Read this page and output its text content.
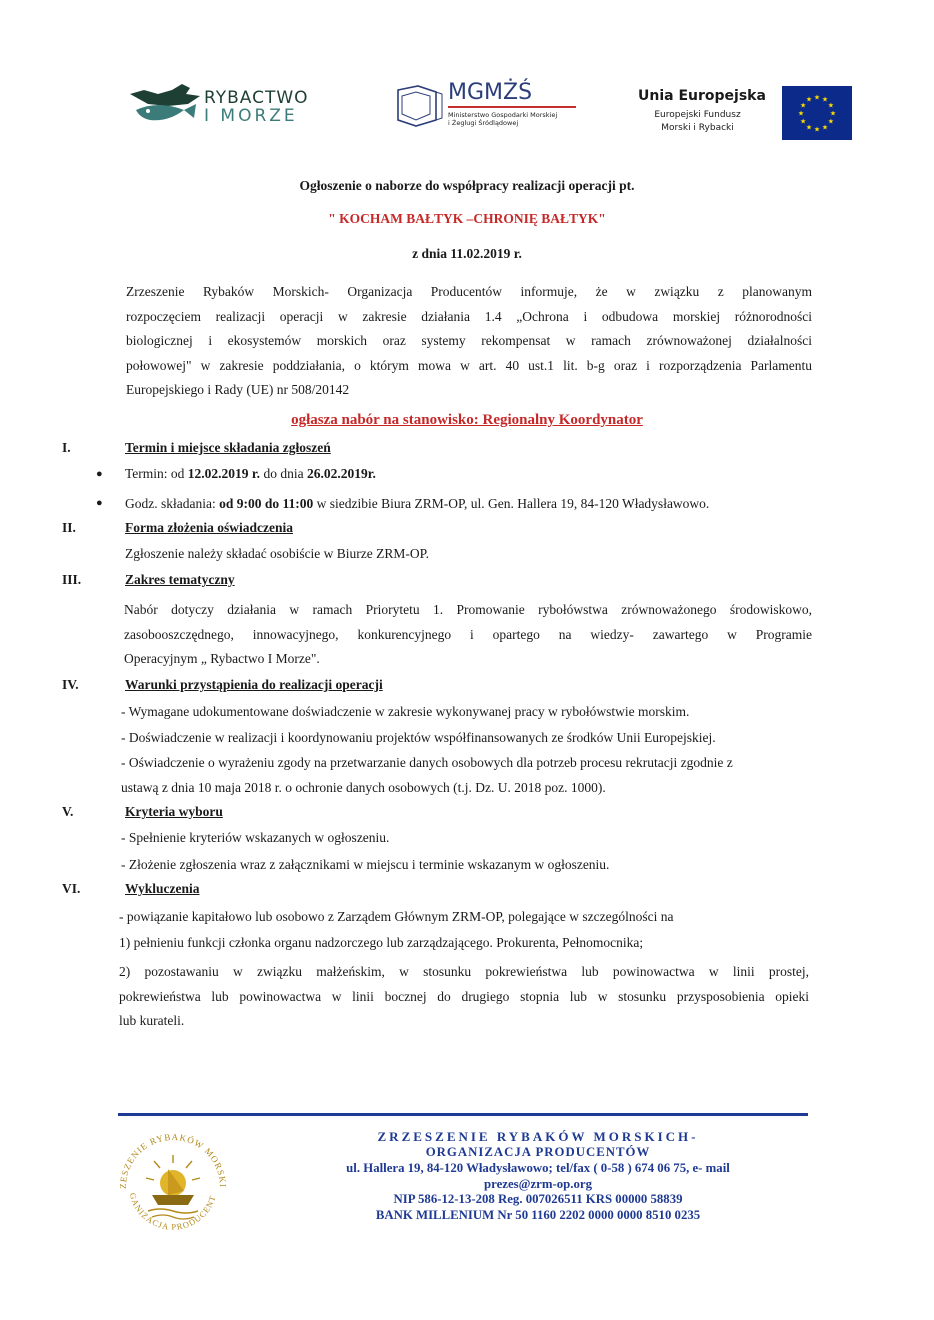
RYBACTWO
I MORZE
MGMŻŚ
Ministerstwo Gospodarki Morskiej
i Żeglugi Śródlądowej
Unia Europejska
Europejski Fundusz
Morski i Rybacki
★ ★
★
★
★
★
★
★
★
★
★
★
Ogłoszenie o naborze do współpracy realizacji operacji pt.
" KOCHAM BAŁTYK –CHRONIĘ BAŁTYK"
z dnia 11.02.2019 r.
Zrzeszenie Rybaków Morskich- Organizacja Producentów informuje, że w związku z planowanym
rozpoczęciem realizacji operacji w zakresie działania 1.4 „Ochrona i odbudowa morskiej różnorodności
biologicznej i ekosystemów morskich oraz systemy rekompensat w ramach zrównoważonej działalności
połowowej" w zakresie poddziałania, o którym mowa w art. 40 ust.1 lit. b-g oraz i rozporządzenia Parlamentu
Europejskiego i Rady (UE) nr 508/20142
ogłasza nabór na stanowisko: Regionalny Koordynator
I.	Termin i miejsce składania zgłoszeń
● Termin: od 12.02.2019 r. do dnia 26.02.2019r.
● Godz. składania: od 9:00 do 11:00 w siedzibie Biura ZRM-OP, ul. Gen. Hallera 19, 84-120 Władysławowo.
II.	Forma złożenia oświadczenia
Zgłoszenie należy składać osobiście w Biurze ZRM-OP.
III.	Zakres tematyczny
Nabór dotyczy działania w ramach Priorytetu 1. Promowanie rybołówstwa zrównoważonego środowiskowo,
zasobooszczędnego, innowacyjnego, konkurencyjnego i opartego na wiedzy- zawartego w Programie
Operacyjnym „ Rybactwo I Morze".
IV.	Warunki przystąpienia do realizacji operacji
- Wymagane udokumentowane doświadczenie w zakresie wykonywanej pracy w rybołówstwie morskim.
- Doświadczenie w realizacji i koordynowaniu projektów współfinansowanych ze środków Unii Europejskiej.
- Oświadczenie o wyrażeniu zgody na przetwarzanie danych osobowych dla potrzeb procesu rekrutacji zgodnie z
ustawą z dnia 10 maja 2018 r. o ochronie danych osobowych (t.j. Dz. U. 2018 poz. 1000).
V.	Kryteria wyboru
- Spełnienie kryteriów wskazanych w ogłoszeniu.
- Złożenie zgłoszenia wraz z załącznikami w miejscu i terminie wskazanym w ogłoszeniu.
VI.	Wykluczenia
- powiązanie kapitałowo lub osobowo z Zarządem Głównym ZRM-OP, polegające w szczególności na
1) pełnieniu funkcji członka organu nadzorczego lub zarządzającego. Prokurenta, Pełnomocnika;
2) pozostawaniu w związku małżeńskim, w stosunku pokrewieństwa lub powinowactwa w linii prostej,
pokrewieństwa lub powinowactwa w linii bocznej do drugiego stopnia lub w stosunku przysposobienia opieki
lub kurateli.
ZESZENIE RYBAKÓW MORSKI
GANIZACJA PRODUCENT
ZRZESZENIE RYBAKÓW MORSKICH-
ORGANIZACJA PRODUCENTÓW
ul. Hallera 19, 84-120 Władysławowo; tel/fax ( 0-58 ) 674 06 75, e- mail
prezes@zrm-op.org
NIP 586-12-13-208 Reg. 007026511 KRS 00000 58839
BANK MILLENIUM Nr 50 1160 2202 0000 0000 8510 0235
